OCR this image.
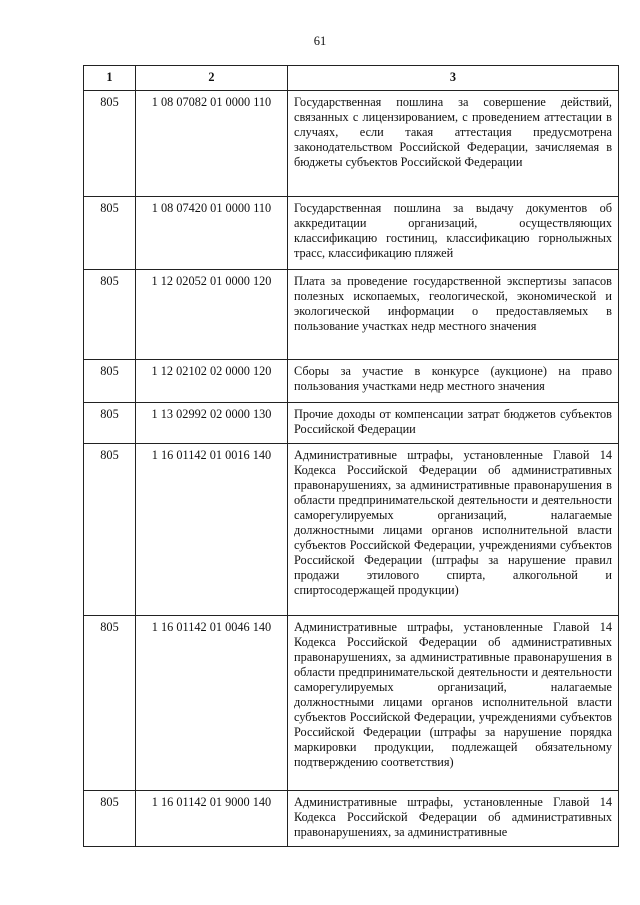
61
1	2	3
805	1 08 07082 01 0000 110	Государственная пошлина за совершение действий, связанных с лицензированием, с проведением аттестации в случаях, если такая аттестация предусмотрена законодательством Российской Федерации, зачисляемая в бюджеты субъектов Российской Федерации
805	1 08 07420 01 0000 110	Государственная пошлина за выдачу документов об аккредитации организаций, осуществляющих классификацию гостиниц, классификацию горнолыжных трасс, классификацию пляжей
805	1 12 02052 01 0000 120	Плата за проведение государственной экспертизы запасов полезных ископаемых, геологической, экономической и экологической информации о предоставляемых в пользование участках недр местного значения
805	1 12 02102 02 0000 120	Сборы за участие в конкурсе (аукционе) на право пользования участками недр местного значения
805	1 13 02992 02 0000 130	Прочие доходы от компенсации затрат бюджетов субъектов Российской Федерации
805	1 16 01142 01 0016 140	Административные штрафы, установленные Главой 14 Кодекса Российской Федерации об административных правонарушениях, за административные правонарушения в области предпринимательской деятельности и деятельности саморегулируемых организаций, налагаемые должностными лицами органов исполнительной власти субъектов Российской Федерации, учреждениями субъектов Российской Федерации (штрафы за нарушение правил продажи этилового спирта, алкогольной и спиртосодержащей продукции)
805	1 16 01142 01 0046 140	Административные штрафы, установленные Главой 14 Кодекса Российской Федерации об административных правонарушениях, за административные правонарушения в области предпринимательской деятельности и деятельности саморегулируемых организаций, налагаемые должностными лицами органов исполнительной власти субъектов Российской Федерации, учреждениями субъектов Российской Федерации (штрафы за нарушение порядка маркировки продукции, подлежащей обязательному подтверждению соответствия)
805	1 16 01142 01 9000 140	Административные штрафы, установленные Главой 14 Кодекса Российской Федерации об административных правонарушениях, за административные
